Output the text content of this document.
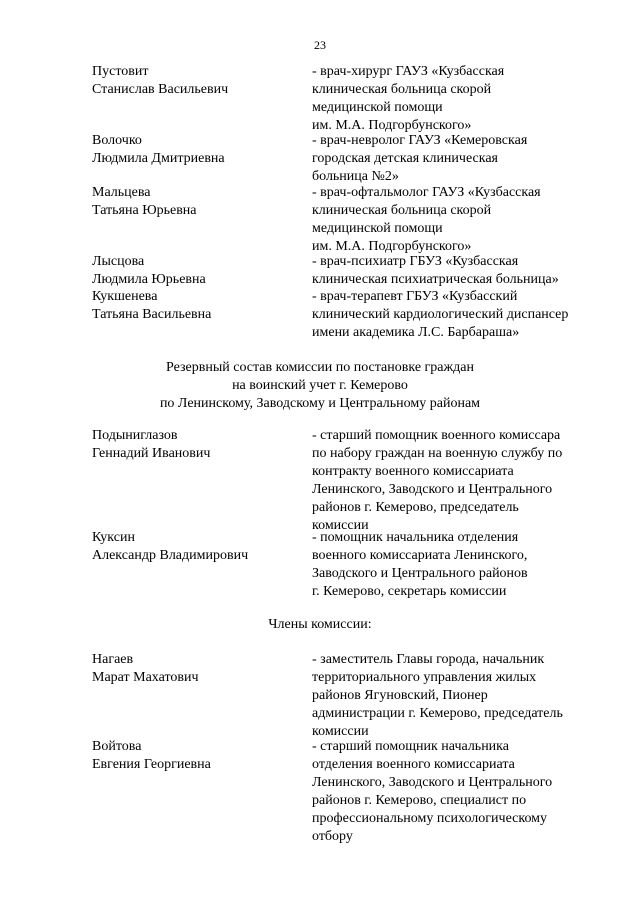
23
Пустовит
Станислав Васильевич
- врач-хирург ГАУЗ «Кузбасская
клиническая больница скорой
медицинской помощи
им. М.А. Подгорбунского»
Волочко
Людмила Дмитриевна
- врач-невролог ГАУЗ «Кемеровская
городская детская клиническая
больница №2»
Мальцева
Татьяна Юрьевна
- врач-офтальмолог ГАУЗ «Кузбасская
клиническая больница скорой
медицинской помощи
им. М.А. Подгорбунского»
Лысцова
Людмила Юрьевна
- врач-психиатр ГБУЗ «Кузбасская
клиническая психиатрическая больница»
Кукшенева
Татьяна Васильевна
- врач-терапевт ГБУЗ «Кузбасский
клинический кардиологический диспансер
имени академика Л.С. Барбараша»
Резервный состав комиссии по постановке граждан
на воинский учет г. Кемерово
по Ленинскому, Заводскому и Центральному районам
Подыниглазов
Геннадий Иванович
- старший помощник военного комиссара
по набору граждан на военную службу по
контракту военного комиссариата
Ленинского, Заводского и Центрального
районов г. Кемерово, председатель
комиссии
Куксин
Александр Владимирович
- помощник начальника отделения
военного комиссариата Ленинского,
Заводского и Центрального районов
г. Кемерово, секретарь комиссии
Члены комиссии:
Нагаев
Марат Махатович
- заместитель Главы города, начальник
территориального управления жилых
районов Ягуновский, Пионер
администрации г. Кемерово, председатель
комиссии
Войтова
Евгения Георгиевна
- старший помощник начальника
отделения военного комиссариата
Ленинского, Заводского и Центрального
районов г. Кемерово, специалист по
профессиональному психологическому
отбору
